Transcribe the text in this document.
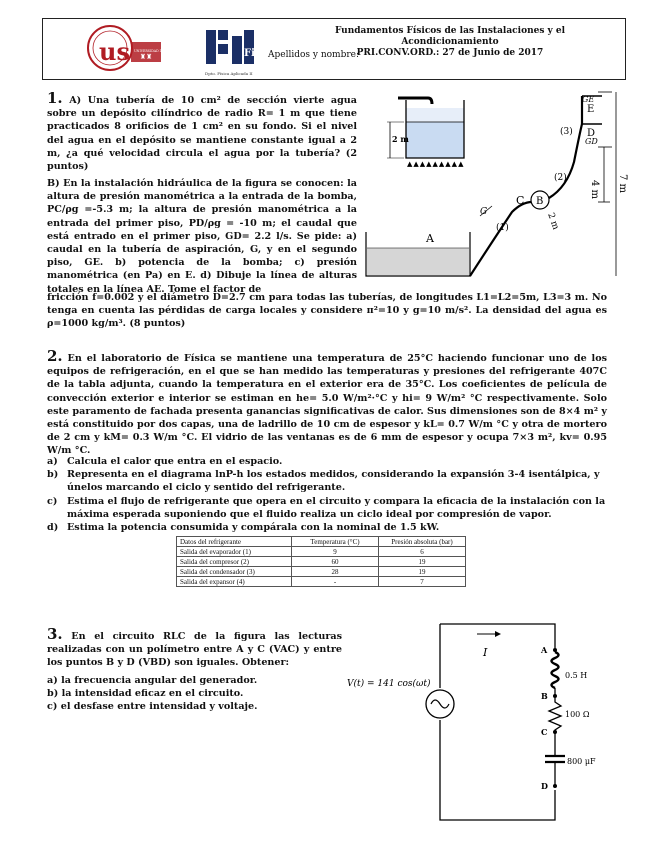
us UNIVERSIDAD DE SEVILLA
♜♜	Fi
Dpto. Física Aplicada II
Fundamentos Físicos de las Instalaciones y el Acondicionamiento
PRI.CONV.ORD.: 27 de Junio de 2017
Apellidos y nombre:

1. A) Una tubería de 10 cm² de sección vierte agua sobre un depósito cilíndrico de radio R= 1 m que tiene practicados 8 orificios de 1 cm² en su fondo. Si el nivel del agua en el depósito se mantiene constante igual a 2 m, ¿a qué velocidad circula el agua por la tubería? (2 puntos)

B) En la instalación hidráulica de la figura se conocen: la altura de presión manométrica a la entrada de la bomba, PC/ρg =-5.3 m; la altura de presión manométrica a la entrada del primer piso, PD/ρg = -10 m; el caudal que está entrado en el primer piso, GD= 2.2 l/s. Se pide: a) caudal en la tubería de aspiración, G, y en el segundo piso, GE. b) potencia de la bomba; c) presión manométrica (en Pa) en E. d) Dibuje la línea de alturas totales en la línea AE. Tome el factor de

fricción f=0.002 y el diámetro D=2.7 cm para todas las tuberías, de longitudes L1=L2=5m, L3=3 m. No tenga en cuenta las pérdidas de carga locales y considere π²=10 y g=10 m/s². La densidad del agua es ρ=1000 kg/m³. (8 puntos)

2 m
▲▲▲▲▲▲▲▲▲
A
B
C
D
E
GE
GD
G
(1)
(2)
(3)
7 m
4 m
2 m

2. En el laboratorio de Física se mantiene una temperatura de 25°C haciendo funcionar uno de los equipos de refrigeración, en el que se han medido las temperaturas y presiones del refrigerante 407C de la tabla adjunta, cuando la temperatura en el exterior era de 35°C. Los coeficientes de película de convección exterior e interior se estiman en he= 5.0 W/m²·°C y hi= 9 W/m² °C respectivamente. Solo este paramento de fachada presenta ganancias significativas de calor. Sus dimensiones son de 8×4 m² y está constituido por dos capas, una de ladrillo de 10 cm de espesor y kL= 0.7 W/m °C y otra de mortero de 2 cm y kM= 0.3 W/m °C. El vidrio de las ventanas es de 6 mm de espesor y ocupa 7×3 m², kv= 0.95 W/m °C.

a) Calcula el calor que entra en el espacio.
b) Representa en el diagrama lnP-h los estados medidos, considerando la expansión 3-4 isentálpica, y únelos marcando el ciclo y sentido del refrigerante.
c)	Estima el flujo de refrigerante que opera en el circuito y compara la eficacia de la instalación con la máxima esperada suponiendo que el fluido realiza un ciclo ideal por compresión de vapor.
d) Estima la potencia consumida y compárala con la nominal de 1.5 kW.
Datos del refrigerante	Temperatura (°C)	Presión absoluta (bar)
Salida del evaporador (1)	9	6
Salida del compresor (2)	60	19
Salida del condensador (3)	28	19
Salida del expansor (4)	-	7

3. En el circuito RLC de la figura las lecturas realizadas con un polímetro entre A y C (VAC) y entre los puntos B y D (VBD) son iguales. Obtener:

a) la frecuencia angular del generador.
b) la intensidad eficaz en el circuito.
c) el desfase entre intensidad y voltaje.

I
V(t) = 141 cos(ωt)
A
0.5 H
B
100 Ω
C
800 μF
D
